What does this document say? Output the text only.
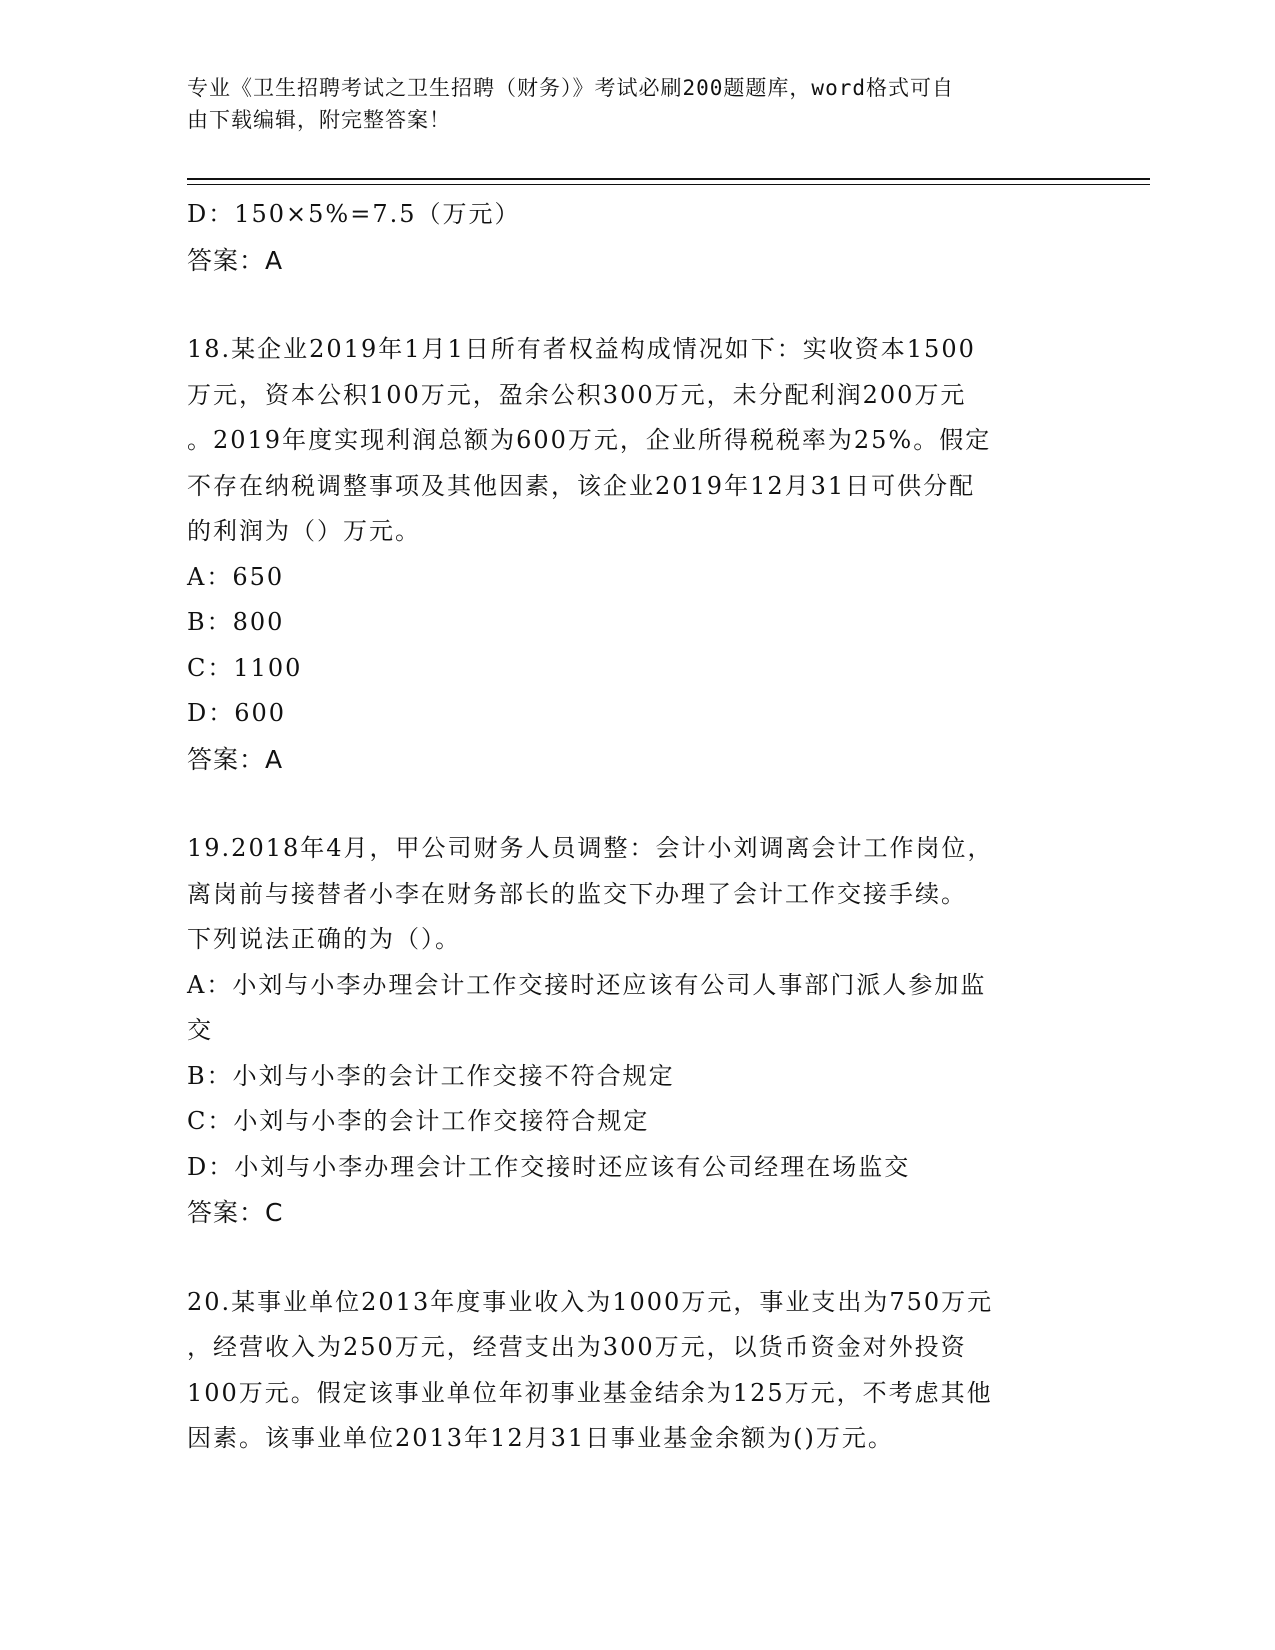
专业《卫生招聘考试之卫生招聘（财务）》考试必刷200题题库，word格式可自
由下载编辑，附完整答案！
D：150×5%=7.5（万元）
答案：A
18.某企业2019年1月1日所有者权益构成情况如下：实收资本1500
万元，资本公积100万元，盈余公积300万元，未分配利润200万元
。2019年度实现利润总额为600万元，企业所得税税率为25%。假定
不存在纳税调整事项及其他因素，该企业2019年12月31日可供分配
的利润为（）万元。
A：650
B：800
C：1100
D：600
答案：A
19.2018年4月，甲公司财务人员调整：会计小刘调离会计工作岗位，
离岗前与接替者小李在财务部长的监交下办理了会计工作交接手续。
下列说法正确的为（）。
A：小刘与小李办理会计工作交接时还应该有公司人事部门派人参加监
交
B：小刘与小李的会计工作交接不符合规定
C：小刘与小李的会计工作交接符合规定
D：小刘与小李办理会计工作交接时还应该有公司经理在场监交
答案：C
20.某事业单位2013年度事业收入为1000万元，事业支出为750万元
，经营收入为250万元，经营支出为300万元，以货币资金对外投资
100万元。假定该事业单位年初事业基金结余为125万元，不考虑其他
因素。该事业单位2013年12月31日事业基金余额为()万元。
